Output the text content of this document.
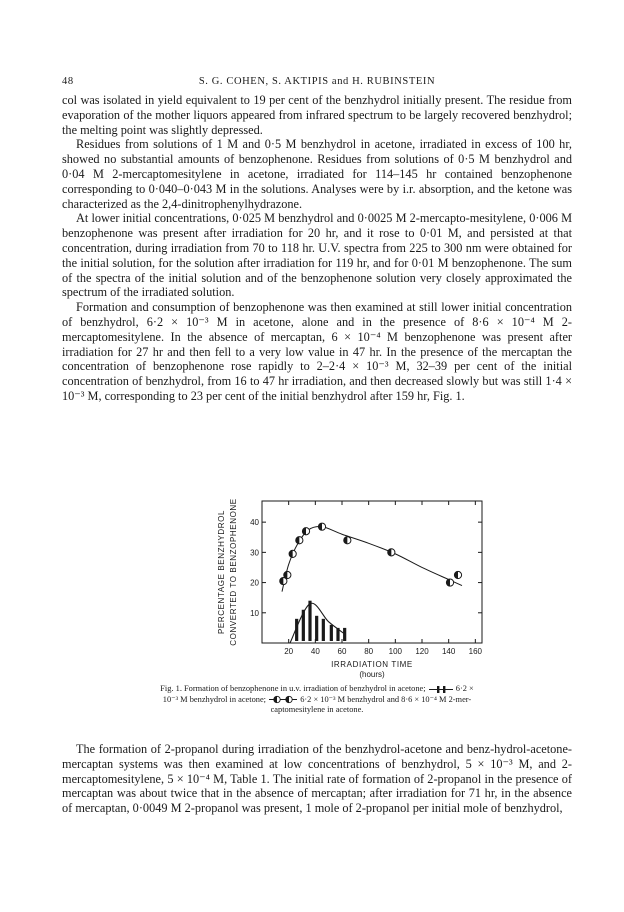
48	S. G. COHEN, S. AKTIPIS and H. RUBINSTEIN

col was isolated in yield equivalent to 19 per cent of the benzhydrol initially present. The residue from evaporation of the mother liquors appeared from infrared spectrum to be largely recovered benzhydrol; the melting point was slightly depressed.

Residues from solutions of 1 M and 0·5 M benzhydrol in acetone, irradiated in excess of 100 hr, showed no substantial amounts of benzophenone. Residues from solutions of 0·5 M benzhydrol and 0·04 M 2-mercaptomesitylene in acetone, irradiated for 114–145 hr contained benzophenone corresponding to 0·040–0·043 M in the solutions. Analyses were by i.r. absorption, and the ketone was characterized as the 2,4-dinitrophenylhydrazone.

At lower initial concentrations, 0·025 M benzhydrol and 0·0025 M 2-mercapto-mesitylene, 0·006 M benzophenone was present after irradiation for 20 hr, and it rose to 0·01 M, and persisted at that concentration, during irradiation from 70 to 118 hr. U.V. spectra from 225 to 300 nm were obtained for the initial solution, for the solution after irradiation for 119 hr, and for 0·01 M benzophenone. The sum of the spectra of the initial solution and of the benzophenone solution very closely approximated the spectrum of the irradiated solution.

Formation and consumption of benzophenone was then examined at still lower initial concentration of benzhydrol, 6·2 × 10⁻³ M in acetone, alone and in the presence of 8·6 × 10⁻⁴ M 2-mercaptomesitylene. In the absence of mercaptan, 6 × 10⁻⁴ M benzophenone was present after irradiation for 27 hr and then fell to a very low value in 47 hr. In the presence of the mercaptan the concentration of benzophenone rose rapidly to 2–2·4 × 10⁻³ M, 32–39 per cent of the initial concentration of benzhydrol, from 16 to 47 hr irradiation, and then decreased slowly but was still 1·4 × 10⁻³ M, corresponding to 23 per cent of the initial benzhydrol after 159 hr, Fig. 1.

20 40 60 80 100 120 140 160
10
20
30
40
PERCENTAGE BENZHYDROL CONVERTED TO BENZOPHENONE
IRRADIATION TIME
(hours)
Fig. 1. Formation of benzophenone in u.v. irradiation of benzhydrol in acetone;	6·2 ×
10⁻³ M benzhydrol in acetone;	6·2 × 10⁻³ M benzhydrol and 8·6 × 10⁻⁴ M 2-mer-
captomesitylene in acetone.

The formation of 2-propanol during irradiation of the benzhydrol-acetone and benz-hydrol-acetone-mercaptan systems was then examined at low concentrations of benzhydrol, 5 × 10⁻³ M, and 2-mercaptomesitylene, 5 × 10⁻⁴ M, Table 1. The initial rate of formation of 2-propanol in the presence of mercaptan was about twice that in the absence of mercaptan; after irradiation for 71 hr, in the absence of mercaptan, 0·0049 M 2-propanol was present, 1 mole of 2-propanol per initial mole of benzhydrol,
